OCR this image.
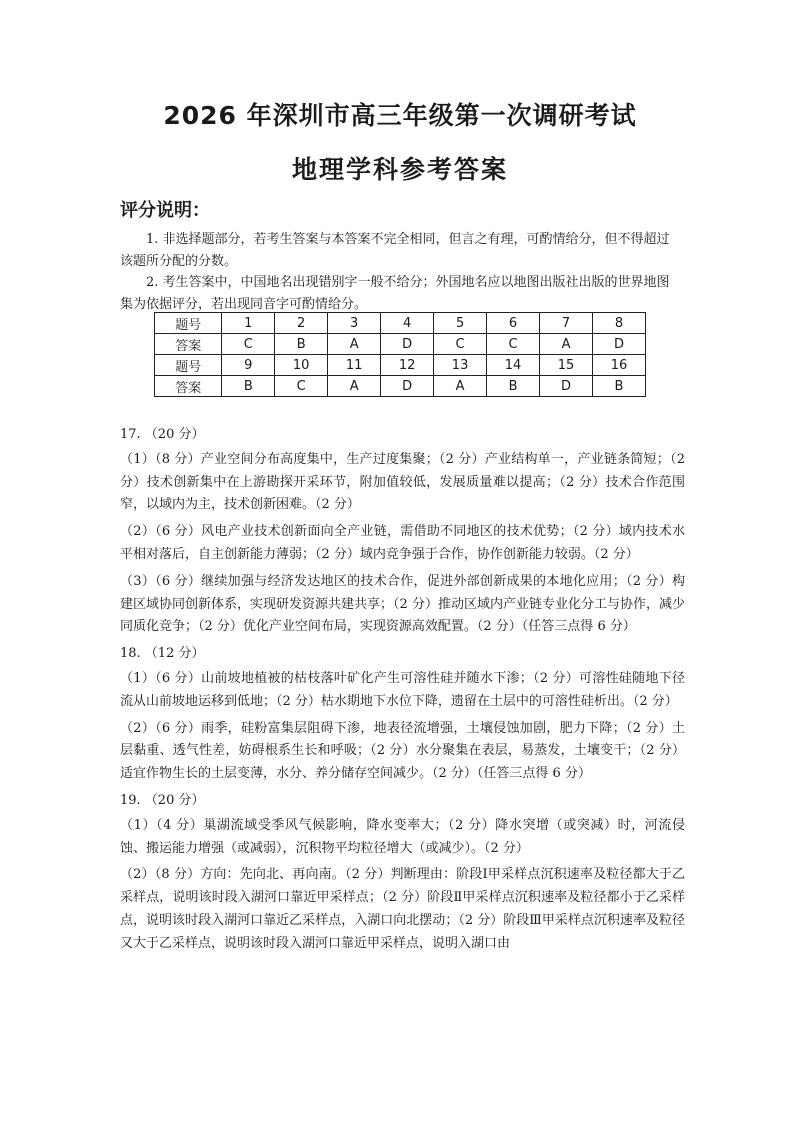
2026 年深圳市高三年级第一次调研考试
地理学科参考答案
评分说明：

1. 非选择题部分，若考生答案与本答案不完全相同，但言之有理，可酌情给分，但不得超过该题所分配的分数。

2. 考生答案中，中国地名出现错别字一般不给分；外国地名应以地图出版社出版的世界地图集为依据评分，若出现同音字可酌情给分。

题号	1	2	3	4	5	6	7	8
答案	C	B	A	D	C	C	A	D
题号	9	10	11	12	13	14	15	16
答案	B	C	A	D	A	B	D	B

17. （20 分）

（1）（8 分）产业空间分布高度集中，生产过度集聚；（2 分）产业结构单一，产业链条简短；（2 分）技术创新集中在上游勘探开采环节，附加值较低，发展质量难以提高；（2 分）技术合作范围窄，以域内为主，技术创新困难。（2 分）

（2）（6 分）风电产业技术创新面向全产业链，需借助不同地区的技术优势；（2 分）域内技术水平相对落后，自主创新能力薄弱；（2 分）域内竞争强于合作，协作创新能力较弱。（2 分）

（3）（6 分）继续加强与经济发达地区的技术合作，促进外部创新成果的本地化应用；（2 分）构建区域协同创新体系，实现研发资源共建共享；（2 分）推动区域内产业链专业化分工与协作，减少同质化竞争；（2 分）优化产业空间布局，实现资源高效配置。（2 分）（任答三点得 6 分）

18. （12 分）

（1）（6 分）山前坡地植被的枯枝落叶矿化产生可溶性硅并随水下渗；（2 分）可溶性硅随地下径流从山前坡地运移到低地；（2 分）枯水期地下水位下降，遗留在土层中的可溶性硅析出。（2 分）

（2）（6 分）雨季，硅粉富集层阻碍下渗，地表径流增强，土壤侵蚀加剧，肥力下降；（2 分）土层黏重、透气性差，妨碍根系生长和呼吸；（2 分）水分聚集在表层，易蒸发，土壤变干；（2 分）适宜作物生长的土层变薄，水分、养分储存空间减少。（2 分）（任答三点得 6 分）

19. （20 分）

（1）（4 分）巢湖流域受季风气候影响，降水变率大；（2 分）降水突增（或突减）时，河流侵蚀、搬运能力增强（或减弱），沉积物平均粒径增大（或减少）。（2 分）

（2）（8 分）方向：先向北、再向南。（2 分）判断理由：阶段Ⅰ甲采样点沉积速率及粒径都大于乙采样点，说明该时段入湖河口靠近甲采样点；（2 分）阶段Ⅱ甲采样点沉积速率及粒径都小于乙采样点，说明该时段入湖河口靠近乙采样点，入湖口向北摆动；（2 分）阶段Ⅲ甲采样点沉积速率及粒径又大于乙采样点，说明该时段入湖河口靠近甲采样点，说明入湖口由
